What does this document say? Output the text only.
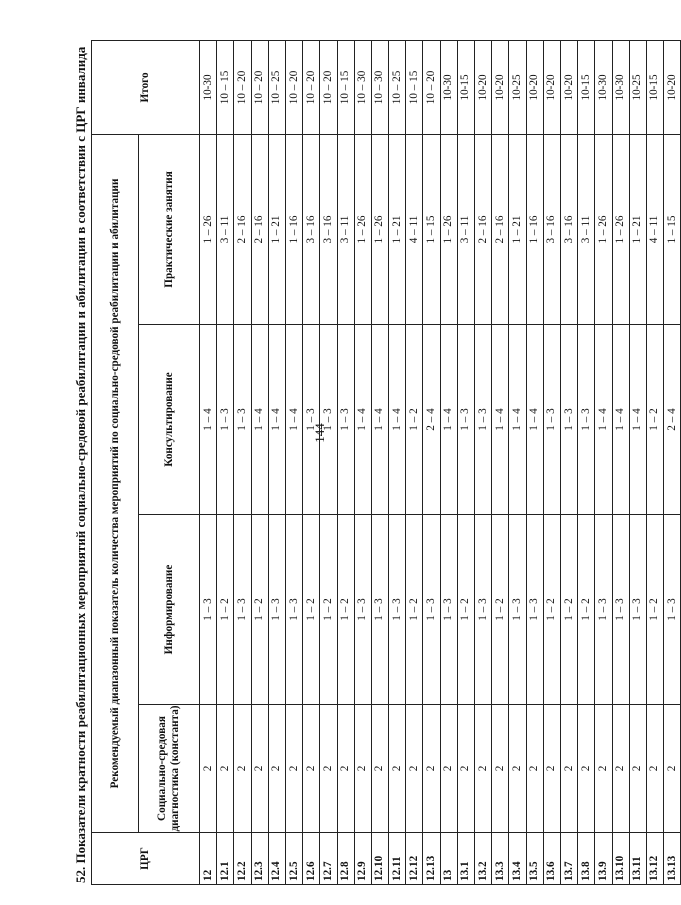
144
52. Показатели кратности реабилитационных мероприятий социально-средовой реабилитации и абилитации в соответствии с ЦРГ инвалида	ЦРГ	Рекомендуемый диапазонный показатель количества мероприятий по социально-средовой реабилитации и абилитации				Итого
	Социально-средовая диагностика (константа)	Информирование	Консультирование	Практические занятия	
12	2	1 – 3	1 – 4	1 – 26	10-30
12.1	2	1 – 2	1 – 3	3 – 11	10 – 15
12.2	2	1 – 3	1 – 3	2 – 16	10 – 20
12.3	2	1 – 2	1 – 4	2 – 16	10 – 20
12.4	2	1 – 3	1 – 4	1 – 21	10 – 25
12.5	2	1 – 3	1 – 4	1 – 16	10 – 20
12.6	2	1 – 2	1 – 3	3 – 16	10 – 20
12.7	2	1 – 2	1 – 3	3 – 16	10 – 20
12.8	2	1 – 2	1 – 3	3 – 11	10 – 15
12.9	2	1 – 3	1 – 4	1 – 26	10 – 30
12.10	2	1 – 3	1 – 4	1 – 26	10 – 30
12.11	2	1 – 3	1 – 4	1 – 21	10 – 25
12.12	2	1 – 2	1 – 2	4 – 11	10 – 15
12.13	2	1 – 3	2 – 4	1 – 15	10 – 20
13	2	1 – 3	1 – 4	1 – 26	10-30
13.1	2	1 – 2	1 – 3	3 – 11	10-15
13.2	2	1 – 3	1 – 3	2 – 16	10-20
13.3	2	1 – 2	1 – 4	2 – 16	10-20
13.4	2	1 – 3	1 – 4	1 – 21	10-25
13.5	2	1 – 3	1 – 4	1 – 16	10-20
13.6	2	1 – 2	1 – 3	3 – 16	10-20
13.7	2	1 – 2	1 – 3	3 – 16	10-20
13.8	2	1 – 2	1 – 3	3 – 11	10-15
13.9	2	1 – 3	1 – 4	1 – 26	10-30
13.10	2	1 – 3	1 – 4	1 – 26	10-30
13.11	2	1 – 3	1 – 4	1 – 21	10-25
13.12	2	1 – 2	1 – 2	4 – 11	10-15
13.13	2	1 – 3	2 – 4	1 – 15	10-20
